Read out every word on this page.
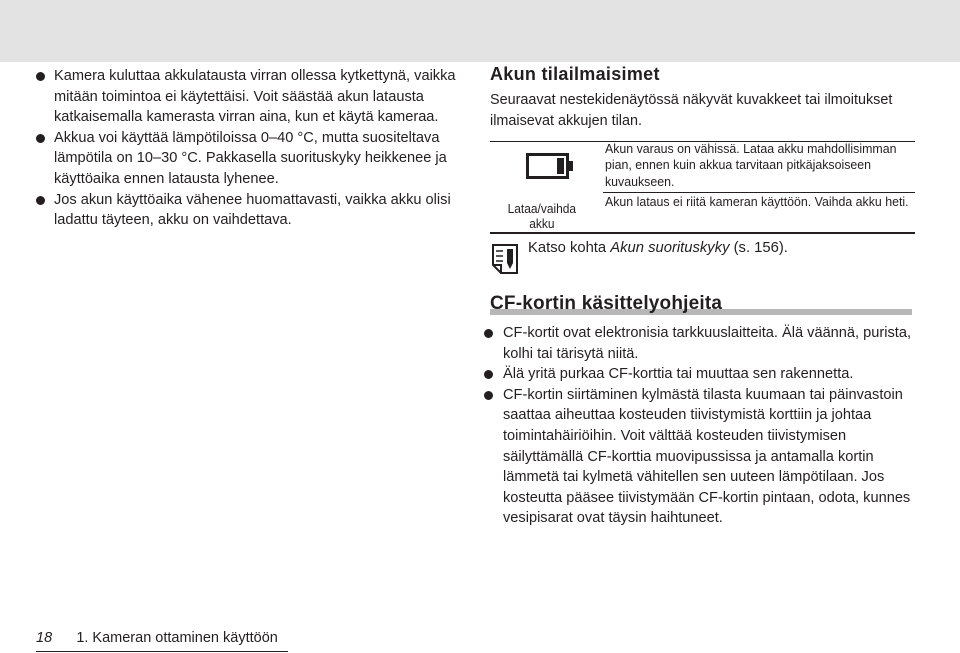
Kamera kuluttaa akkulatausta virran ollessa kytkettynä, vaikka mitään toimintoa ei käytettäisi. Voit säästää akun latausta katkaisemalla kamerasta virran aina, kun et käytä kameraa.
Akkua voi käyttää lämpötiloissa 0–40 °C, mutta suositeltava lämpötila on 10–30 °C. Pakkasella suorituskyky heikkenee ja käyttöaika ennen latausta lyhenee.
Jos akun käyttöaika vähenee huomattavasti, vaikka akku olisi ladattu täyteen, akku on vaihdettava.
Akun tilailmaisimet
Seuraavat nestekidenäytössä näkyvät kuvakkeet tai ilmoitukset ilmaisevat akkujen tilan.
Lataa/vaihda akku
Akun varaus on vähissä. Lataa akku mahdollisimman pian, ennen kuin akkua tarvitaan pitkäjaksoiseen kuvaukseen.
Akun lataus ei riitä kameran käyttöön. Vaihda akku heti.
Katso kohta Akun suorituskyky (s. 156).
CF-kortin käsittelyohjeita
CF-kortit ovat elektronisia tarkkuuslaitteita. Älä väännä, purista, kolhi tai tärisytä niitä.
Älä yritä purkaa CF-korttia tai muuttaa sen rakennetta.
CF-kortin siirtäminen kylmästä tilasta kuumaan tai päinvastoin saattaa aiheuttaa kosteuden tiivistymistä korttiin ja johtaa toimintahäiriöihin. Voit välttää kosteuden tiivistymisen säilyttämällä CF-korttia muovipussissa ja antamalla kortin lämmetä tai kylmetä vähitellen sen uuteen lämpötilaan. Jos kosteutta pääsee tiivistymään CF-kortin pintaan, odota, kunnes vesipisarat ovat täysin haihtuneet.
18 1. Kameran ottaminen käyttöön
